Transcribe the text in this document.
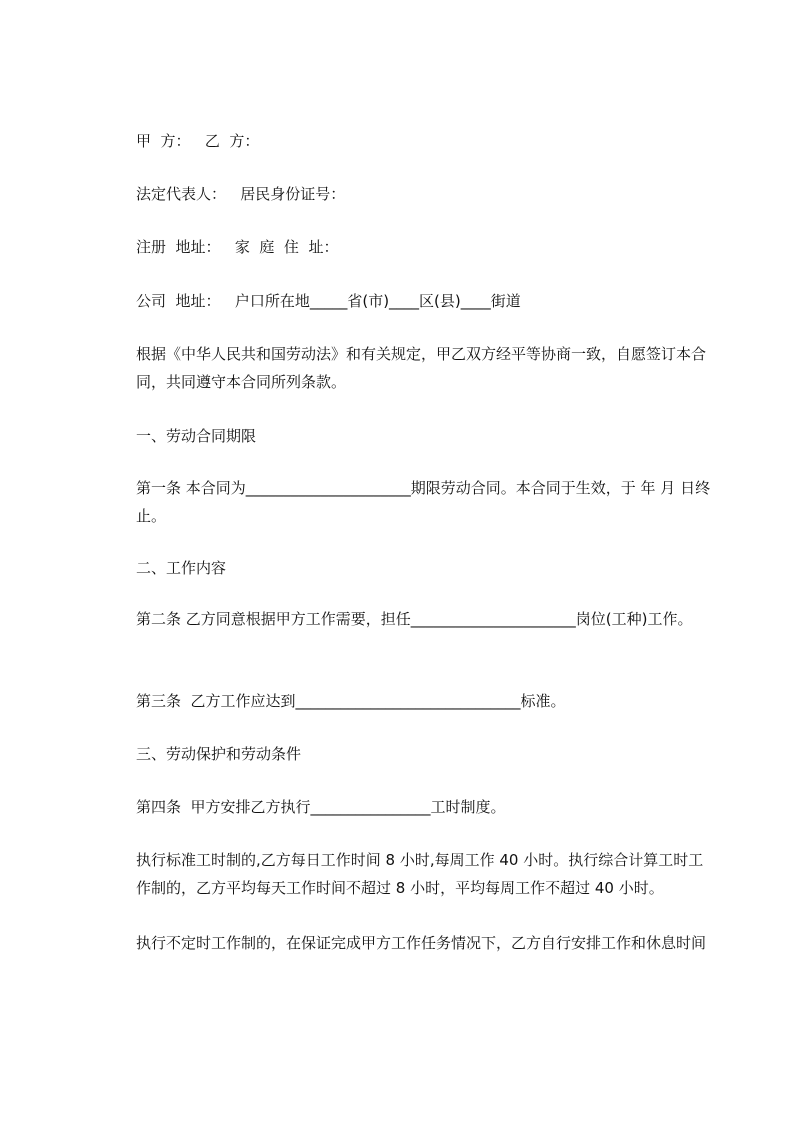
甲  方：   乙  方：

法定代表人：   居民身份证号：

注册  地址：   家  庭  住  址：

公司  地址：   户口所在地_____省(市)____区(县)____街道

根据《中华人民共和国劳动法》和有关规定，甲乙双方经平等协商一致，自愿签订本合同，共同遵守本合同所列条款。

一、劳动合同期限

第一条 本合同为______________________期限劳动合同。本合同于生效，于 年 月 日终止。

二、工作内容

第二条 乙方同意根据甲方工作需要，担任______________________岗位(工种)工作。

第三条  乙方工作应达到______________________________标准。

三、劳动保护和劳动条件

第四条  甲方安排乙方执行________________工时制度。

执行标准工时制的,乙方每日工作时间 8 小时,每周工作 40 小时。执行综合计算工时工作制的，乙方平均每天工作时间不超过 8 小时，平均每周工作不超过 40 小时。

执行不定时工作制的，在保证完成甲方工作任务情况下，乙方自行安排工作和休息时间
